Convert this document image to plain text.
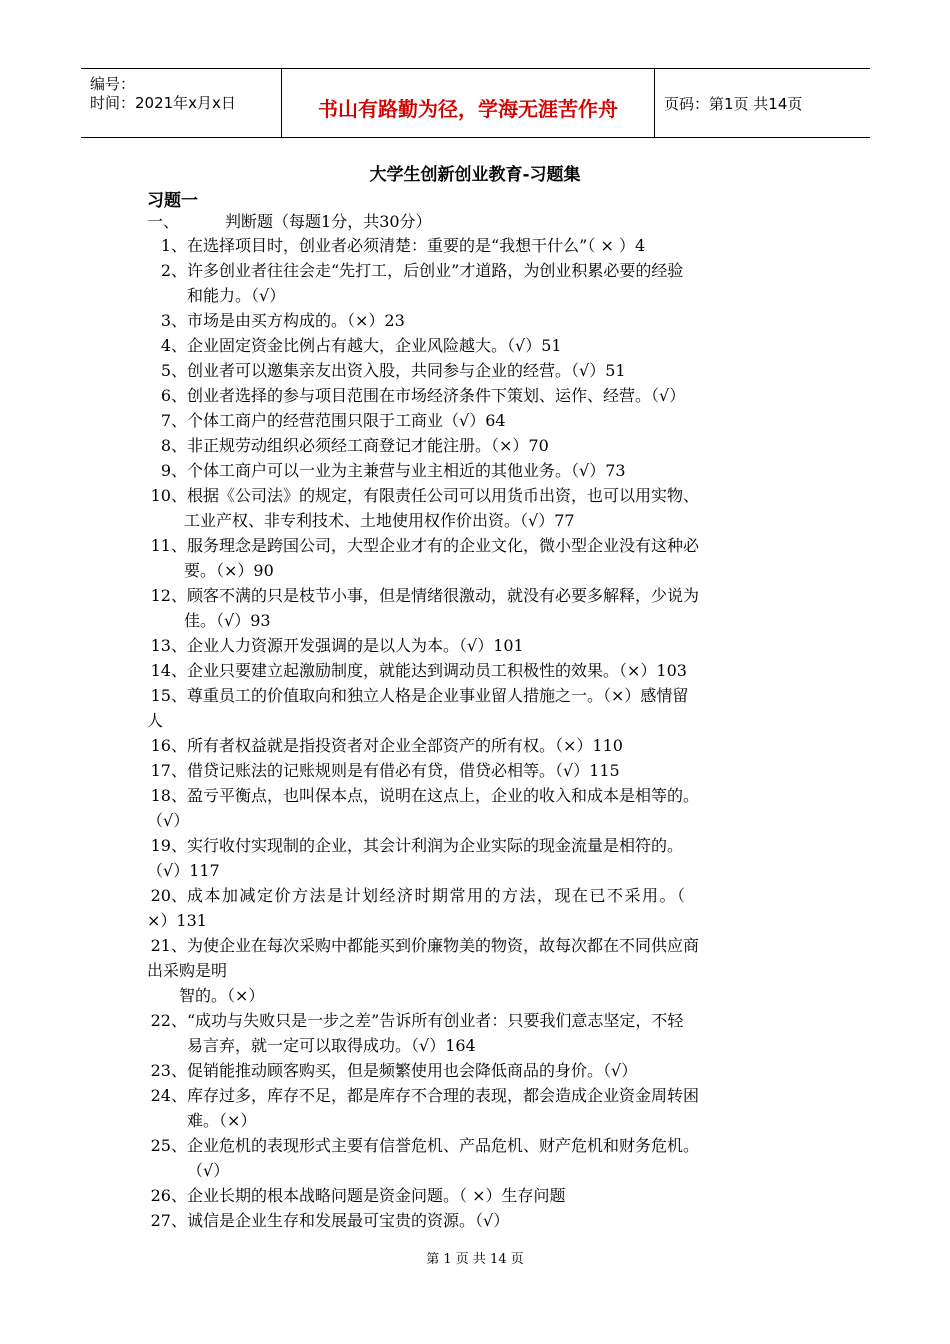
编号：
时间：2021年x月x日	书山有路勤为径，学海无涯苦作舟	页码：第1页 共14页
大学生创新创业教育-习题集
习题一
一、	判断题（每题1分，共30分）
1、在选择项目时，创业者必须清楚：重要的是“我想干什么”（ × ）4
2、许多创业者往往会走“先打工，后创业”才道路，为创业积累必要的经验
和能力。（√）
3、市场是由买方构成的。（×）23
4、企业固定资金比例占有越大，企业风险越大。（√）51
5、创业者可以邀集亲友出资入股，共同参与企业的经营。（√）51
6、创业者选择的参与项目范围在市场经济条件下策划、运作、经营。（√）
7、个体工商户的经营范围只限于工商业（√）64
8、非正规劳动组织必须经工商登记才能注册。（×）70
9、个体工商户可以一业为主兼营与业主相近的其他业务。（√）73
10、根据《公司法》的规定，有限责任公司可以用货币出资，也可以用实物、
工业产权、非专利技术、土地使用权作价出资。（√）77
11、服务理念是跨国公司，大型企业才有的企业文化，微小型企业没有这种必
要。（×）90
12、顾客不满的只是枝节小事，但是情绪很激动，就没有必要多解释，少说为
佳。（√）93
13、企业人力资源开发强调的是以人为本。（√）101
14、企业只要建立起激励制度，就能达到调动员工积极性的效果。（×）103
15、尊重员工的价值取向和独立人格是企业事业留人措施之一。（×）感情留
人
16、所有者权益就是指投资者对企业全部资产的所有权。（×）110
17、借贷记账法的记账规则是有借必有贷，借贷必相等。（√）115
18、盈亏平衡点，也叫保本点，说明在这点上，企业的收入和成本是相等的。
（√）
19、实行收付实现制的企业，其会计利润为企业实际的现金流量是相符的。
（√）117
20、成本加减定价方法是计划经济时期常用的方法，现在已不采用。（
×）131
21、为使企业在每次采购中都能买到价廉物美的物资，故每次都在不同供应商
出采购是明
智的。（×）
22、“成功与失败只是一步之差”告诉所有创业者：只要我们意志坚定，不轻
易言弃，就一定可以取得成功。（√）164
23、促销能推动顾客购买，但是频繁使用也会降低商品的身价。（√）
24、库存过多，库存不足，都是库存不合理的表现，都会造成企业资金周转困
难。（×）
25、企业危机的表现形式主要有信誉危机、产品危机、财产危机和财务危机。
（√）
26、企业长期的根本战略问题是资金问题。（ ×）生存问题
27、诚信是企业生存和发展最可宝贵的资源。（√）
第 1 页 共 14 页
